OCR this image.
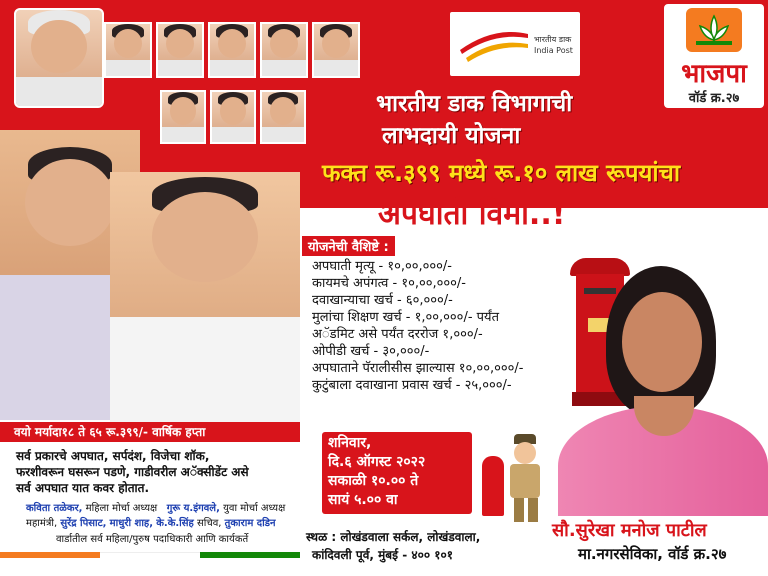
भारतीय डाक
India Post
भाजपा
वॉर्ड क्र.२७
भारतीय डाक विभागाची
लाभदायी योजना
फक्त रू.३९९ मध्ये रू.१० लाख रूपयांचा
अपघाती विमा..!
योजनेची वैशिष्टे :
अपघाती मृत्यू - १०,००,०००/-
कायमचे अपंगत्व - १०,००,०००/-
दवाखान्याचा खर्च - ६०,०००/-
मुलांचा शिक्षण खर्च - १,००,०००/- पर्यंत
अॅडमिट असे पर्यंत दररोज १,०००/-
ओपीडी खर्च - ३०,०००/-
अपघाताने पॅरालीसीस झाल्यास १०,००,०००/-
कुटुंबाला दवाखाना प्रवास खर्च - २५,०००/-
वयो मर्यादा१८ ते ६५ रू.३९९/- वार्षिक हप्ता
सर्व प्रकारचे अपघात, सर्पदंश, विजेचा शॉक,
फरशीवरून घसरून पडणे, गाडीवरील अॅक्सीडेंट असे
सर्व अपघात यात कवर होतात.
कविता तळेकर, महिला मोर्चा अध्यक्ष गुरू य.इंगवले, युवा मोर्चा अध्यक्ष
महामंत्री, सुरेंद्र पिसाट, माधुरी शाह, के.के.सिंह सचिव, तुकाराम दडिन
वार्डातील सर्व महिला/पुरुष पदाधिकारी आणि कार्यकर्ते
शनिवार,
दि.६ ऑगस्ट २०२२
सकाळी १०.०० ते
सायं ५.०० वा
स्थळ : लोखंडवाला सर्कल, लोखंडवाला,
कांदिवली पूर्व, मुंबई - ४०० १०१
सौ.सुरेखा मनोज पाटील
मा.नगरसेविका, वॉर्ड क्र.२७
